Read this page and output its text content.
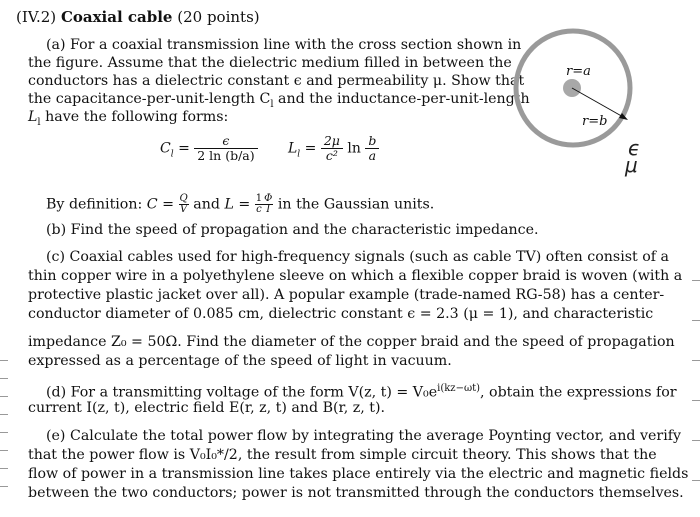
(IV.2) Coaxial cable (20 points)
(a) For a coaxial transmission line with the cross section shown in
the figure. Assume that the dielectric medium filled in between the
conductors has a dielectric constant ϵ and permeability μ. Show that
the capacitance-per-unit-length $C_l$ and the inductance-per-unit-length
$L_l$ have the following forms:
$C_l = \frac{\epsilon}{2 \ln (b/a)} L_l = \frac{2\mu}{\text{c²}}$ $\ln \frac{b}{a}$
By definition: $C = \frac{Q}{V}$ and $L = \frac{1}{c} \frac{\Phi}{I}$ in the Gaussian units.
(b) Find the speed of propagation and the characteristic impedance.
(c) Coaxial cables used for high-frequency signals (such as cable TV) often consist of a
thin copper wire in a polyethylene sleeve on which a flexible copper braid is woven (with a
protective plastic jacket over all). A popular example (trade-named RG-58) has a center-
conductor diameter of 0.085 cm, dielectric constant ϵ = 2.3 (μ = 1), and characteristic
impedance Z₀ = 50Ω. Find the diameter of the copper braid and the speed of propagation
expressed as a percentage of the speed of light in vacuum.
(d) For a transmitting voltage of the form V(z, $t) = V_0e^{i(kz-\omega t)}$, obtain the expressions for
current I(z, t), electric field E(r, z, t) and B(r, z, t).
(e) Calculate the total power flow by integrating the average Poynting vector, and verify
that the power flow is V₀I₀*/2, the result from simple circuit theory. This shows that the
flow of power in a transmission line takes place entirely via the electric and magnetic fields
between the two conductors; power is not transmitted through the conductors themselves.
r=a
r=b
ϵ
μ
